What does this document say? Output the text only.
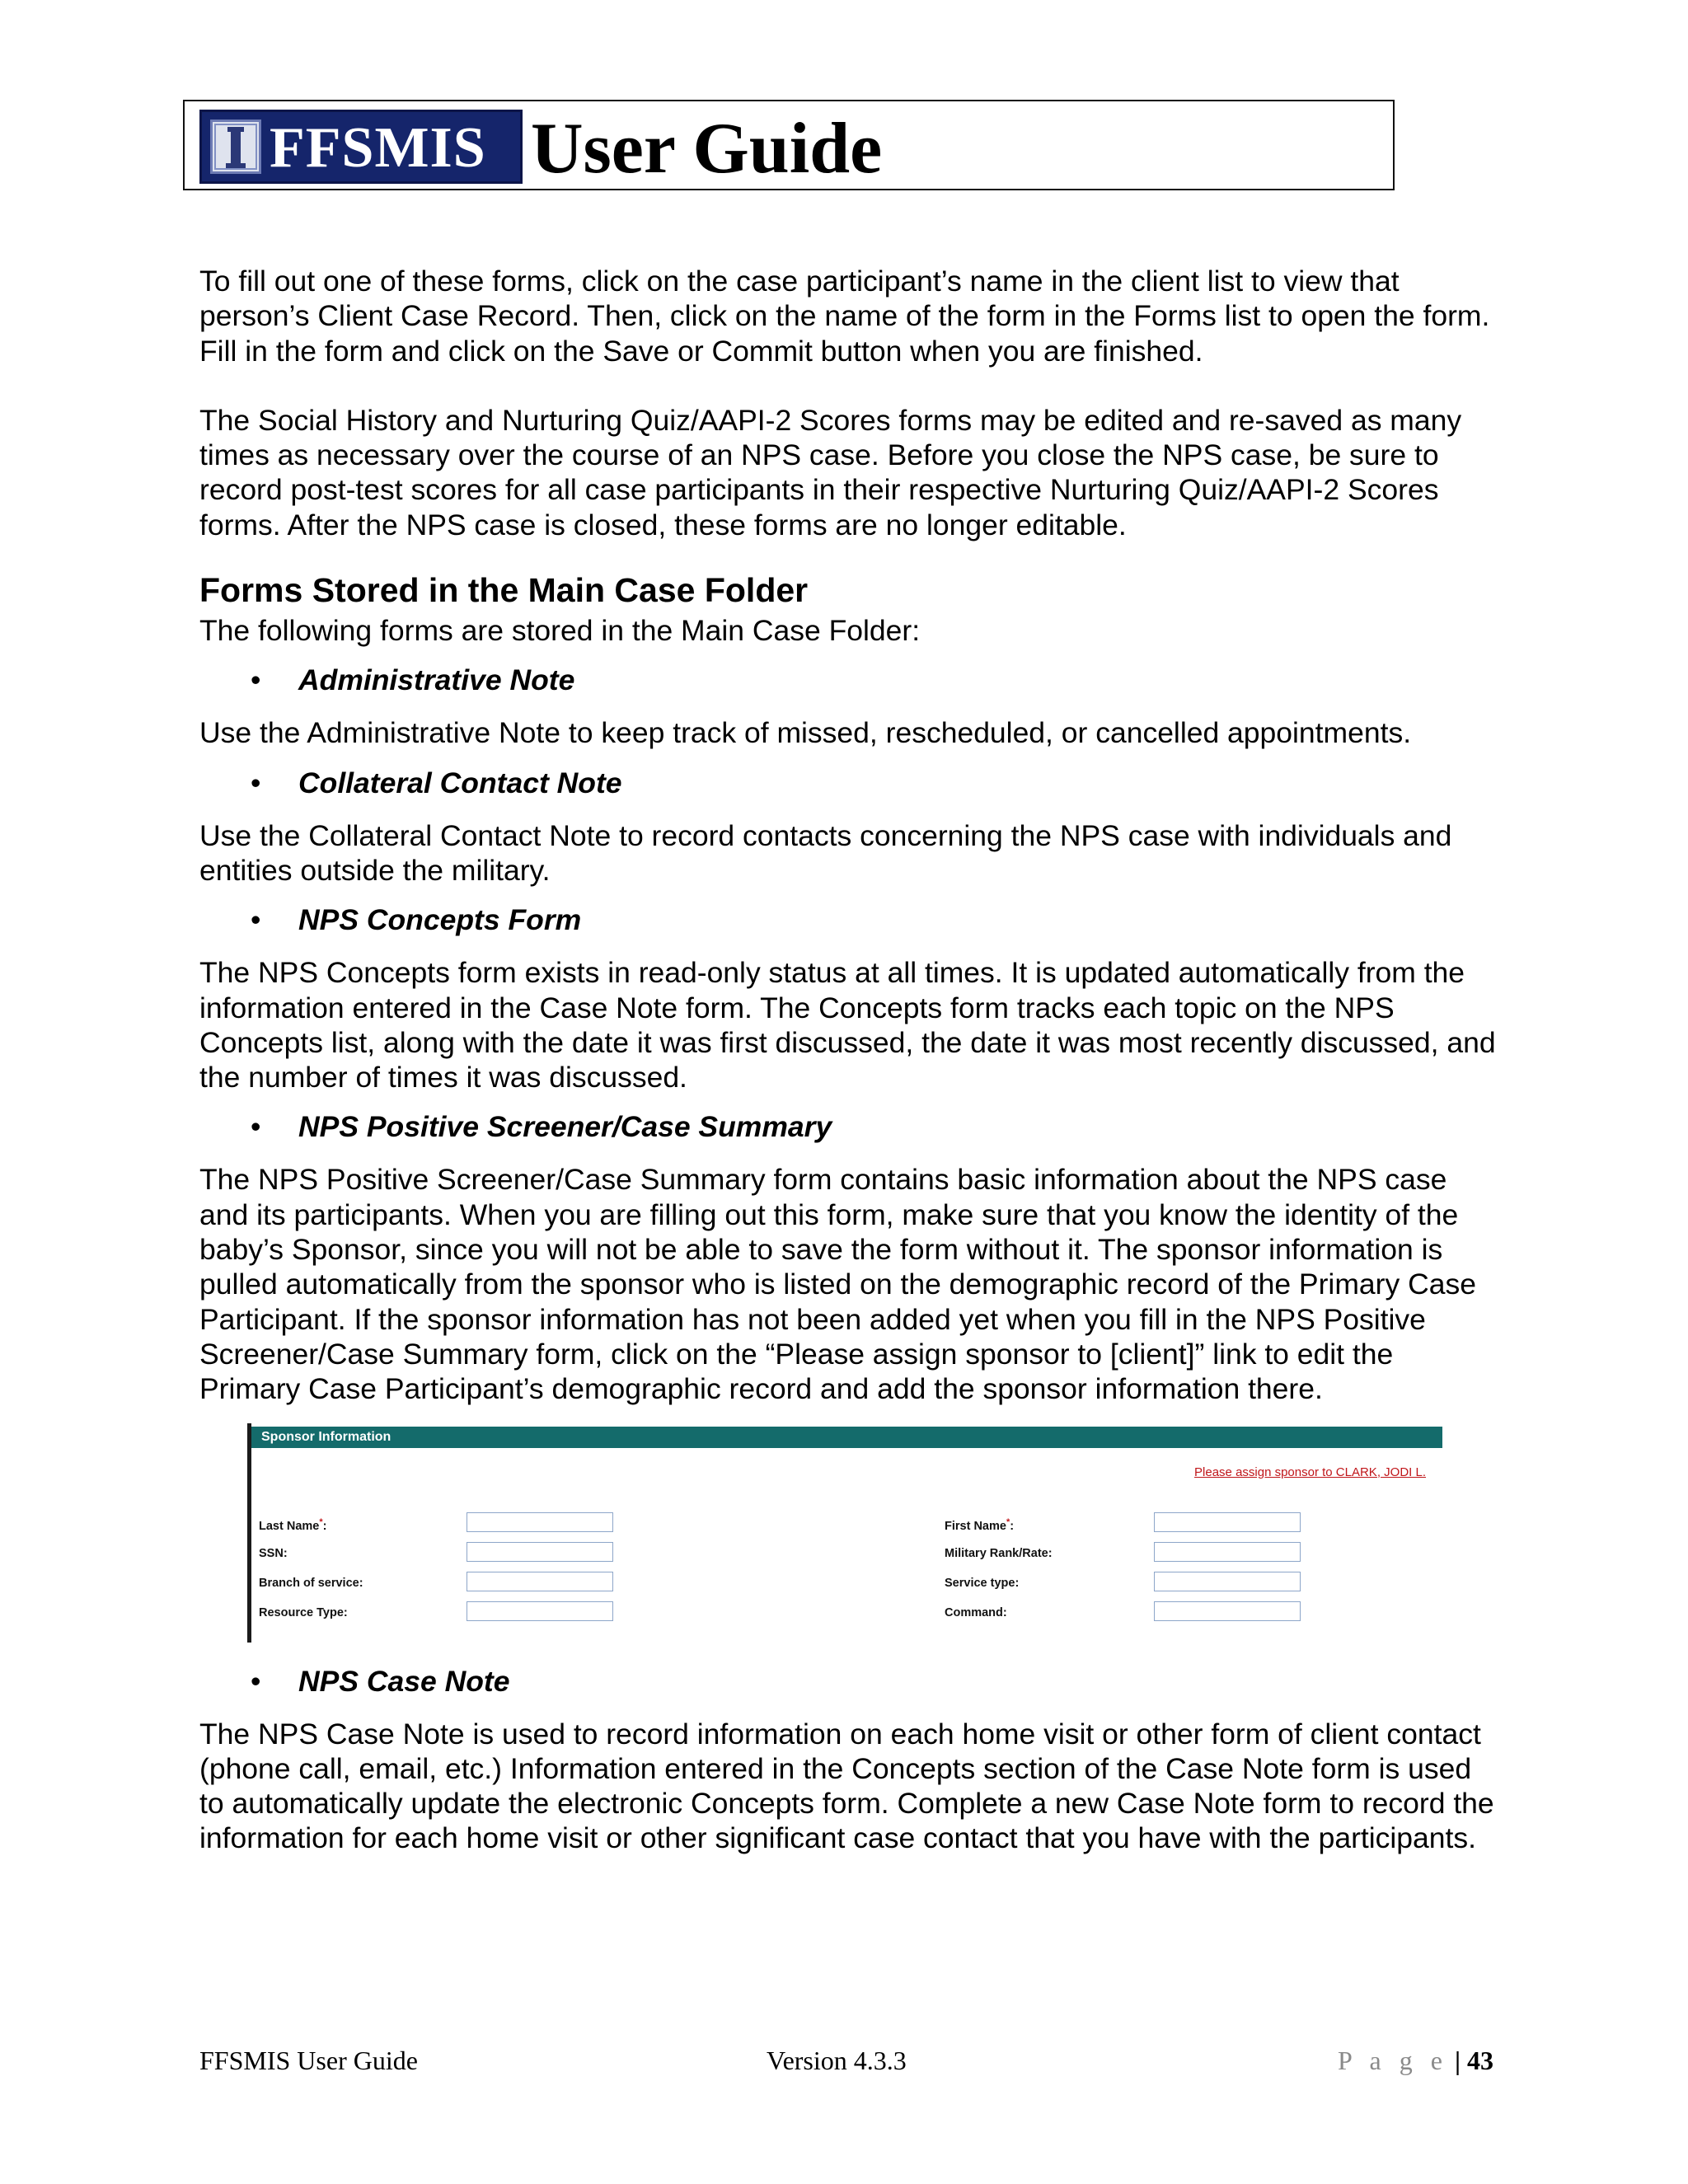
FFSMIS User Guide

To fill out one of these forms, click on the case participant’s name in the client list to view that person’s Client Case Record. Then, click on the name of the form in the Forms list to open the form. Fill in the form and click on the Save or Commit button when you are finished.

The Social History and Nurturing Quiz/AAPI-2 Scores forms may be edited and re-saved as many times as necessary over the course of an NPS case. Before you close the NPS case, be sure to record post-test scores for all case participants in their respective Nurturing Quiz/AAPI-2 Scores forms. After the NPS case is closed, these forms are no longer editable.

Forms Stored in the Main Case Folder

The following forms are stored in the Main Case Folder:

• Administrative Note

Use the Administrative Note to keep track of missed, rescheduled, or cancelled appointments.

• Collateral Contact Note

Use the Collateral Contact Note to record contacts concerning the NPS case with individuals and entities outside the military.

• NPS Concepts Form

The NPS Concepts form exists in read-only status at all times. It is updated automatically from the information entered in the Case Note form. The Concepts form tracks each topic on the NPS Concepts list, along with the date it was first discussed, the date it was most recently discussed, and the number of times it was discussed.

• NPS Positive Screener/Case Summary

The NPS Positive Screener/Case Summary form contains basic information about the NPS case and its participants. When you are filling out this form, make sure that you know the identity of the baby’s Sponsor, since you will not be able to save the form without it. The sponsor information is pulled automatically from the sponsor who is listed on the demographic record of the Primary Case Participant. If the sponsor information has not been added yet when you fill in the NPS Positive Screener/Case Summary form, click on the “Please assign sponsor to [client]” link to edit the Primary Case Participant’s demographic record and add the sponsor information there.

Sponsor Information
Please assign sponsor to CLARK, JODI L.
Last Name*:
SSN:
Branch of service:
Resource Type:
First Name*:
Military Rank/Rate:
Service type:
Command:
• NPS Case Note

The NPS Case Note is used to record information on each home visit or other form of client contact (phone call, email, etc.) Information entered in the Concepts section of the Case Note form is used to automatically update the electronic Concepts form. Complete a new Case Note form to record the information for each home visit or other significant case contact that you have with the participants.

FFSMIS User Guide	Version 4.3.3	P a g e | 43
